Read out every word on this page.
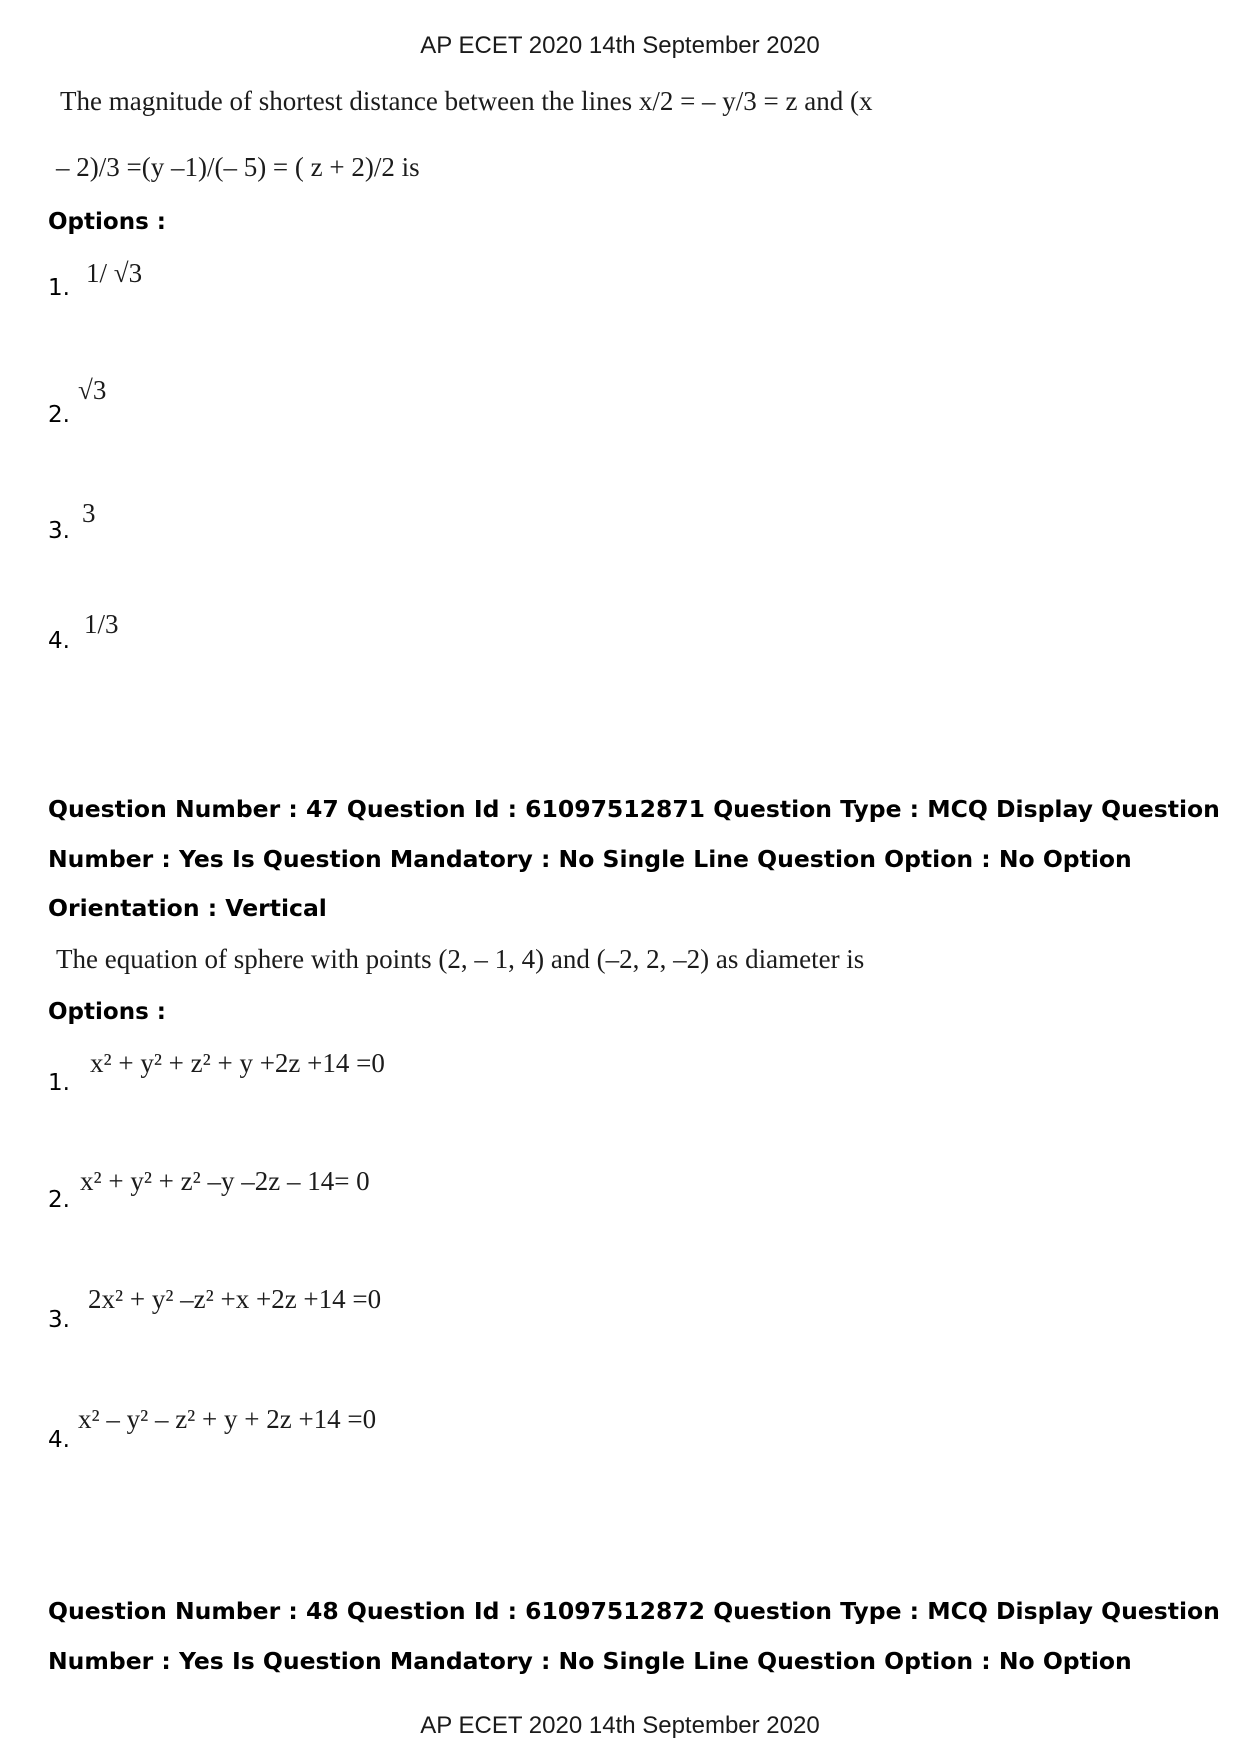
AP ECET 2020 14th September 2020
The magnitude of shortest distance between the lines x/2 = – y/3 = z and (x
– 2)/3 =(y –1)/(– 5) = ( z + 2)/2 is
Options :
1. 1/ √3
2.
√3
3.
3
4.
1/3
Question Number : 47 Question Id : 61097512871 Question Type : MCQ Display Question
Number : Yes Is Question Mandatory : No Single Line Question Option : No Option
Orientation : Vertical
The equation of sphere with points (2, – 1, 4) and (–2, 2, –2) as diameter is
Options :
1.
x² + y² + z² + y +2z +14 =0
2.
x² + y² + z² –y –2z – 14= 0
3.
2x² + y² –z² +x +2z +14 =0
4.
x² – y² – z² + y + 2z +14 =0
Question Number : 48 Question Id : 61097512872 Question Type : MCQ Display Question
Number : Yes Is Question Mandatory : No Single Line Question Option : No Option
AP ECET 2020 14th September 2020
